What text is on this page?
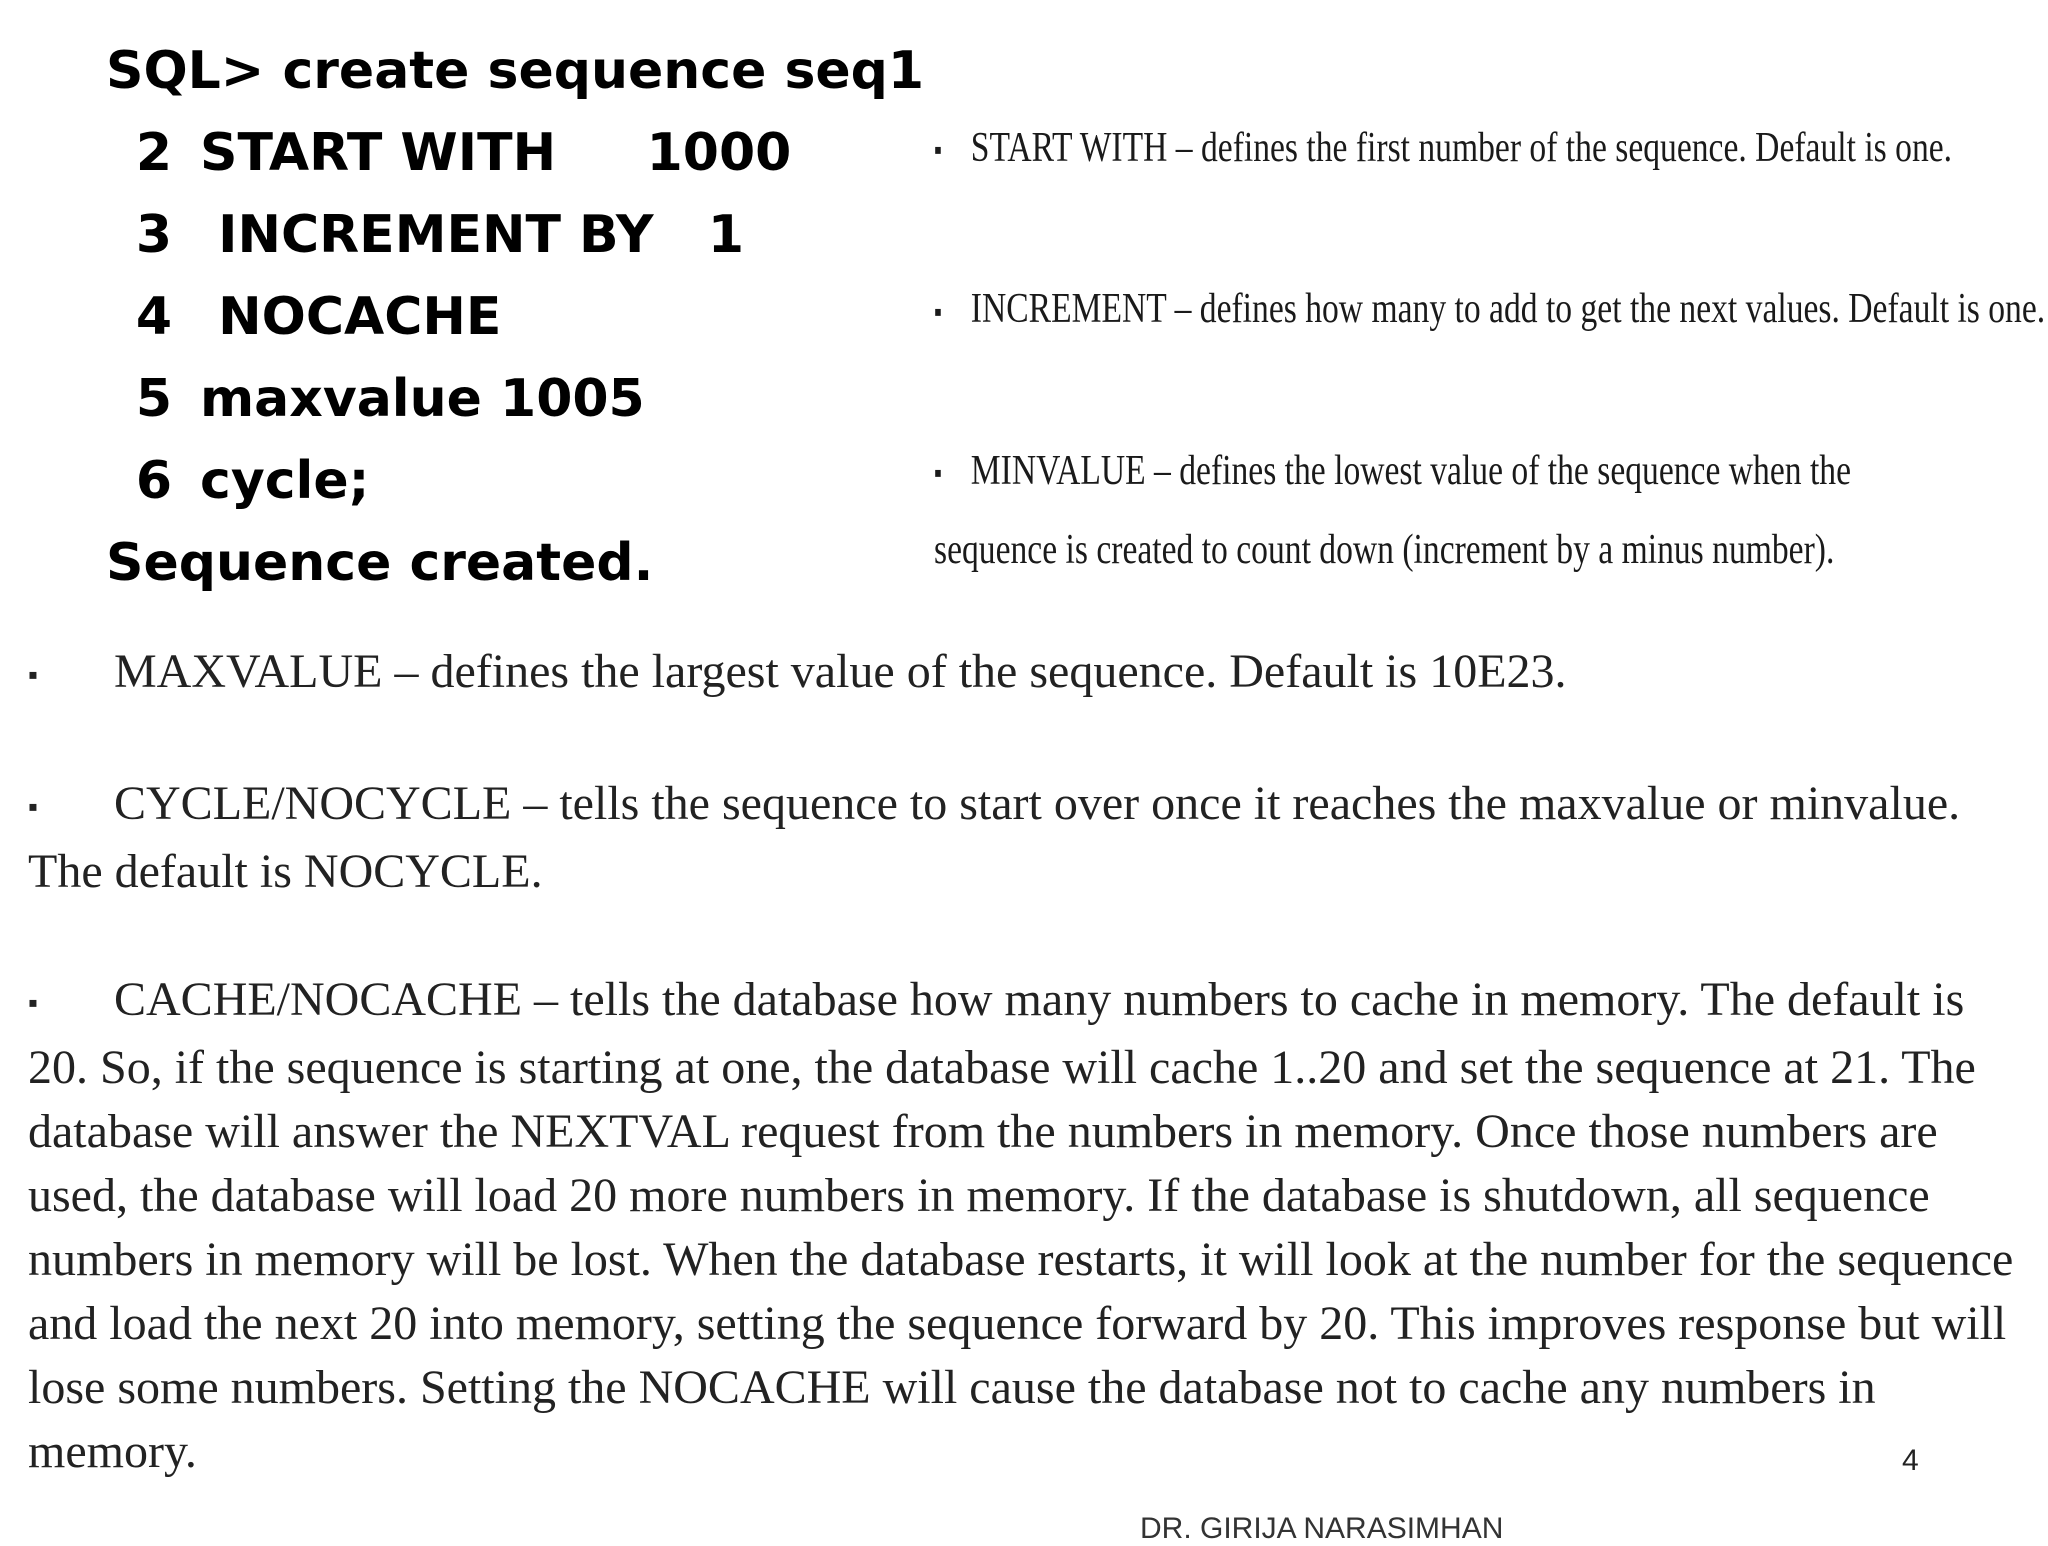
SQL> create sequence seq1
2 START WITH     1000
3 INCREMENT BY   1
4 NOCACHE
5 maxvalue 1005
6 cycle;
Sequence created.
▪ START WITH – defines the first number of the sequence. Default is one.
▪ INCREMENT – defines how many to add to get the next values. Default is one.
▪ MINVALUE – defines the lowest value of the sequence when the sequence is created to count down (increment by a minus number).

▪ MAXVALUE – defines the largest value of the sequence. Default is 10E23.

▪ CYCLE/NOCYCLE – tells the sequence to start over once it reaches the maxvalue or minvalue. The default is NOCYCLE.

▪ CACHE/NOCACHE – tells the database how many numbers to cache in memory. The default is 20. So, if the sequence is starting at one, the database will cache 1..20 and set the sequence at 21. The database will answer the NEXTVAL request from the numbers in memory. Once those numbers are used, the database will load 20 more numbers in memory. If the database is shutdown, all sequence numbers in memory will be lost. When the database restarts, it will look at the number for the sequence and load the next 20 into memory, setting the sequence forward by 20. This improves response but will lose some numbers. Setting the NOCACHE will cause the database not to cache any numbers in memory.	4
DR. GIRIJA NARASIMHAN
